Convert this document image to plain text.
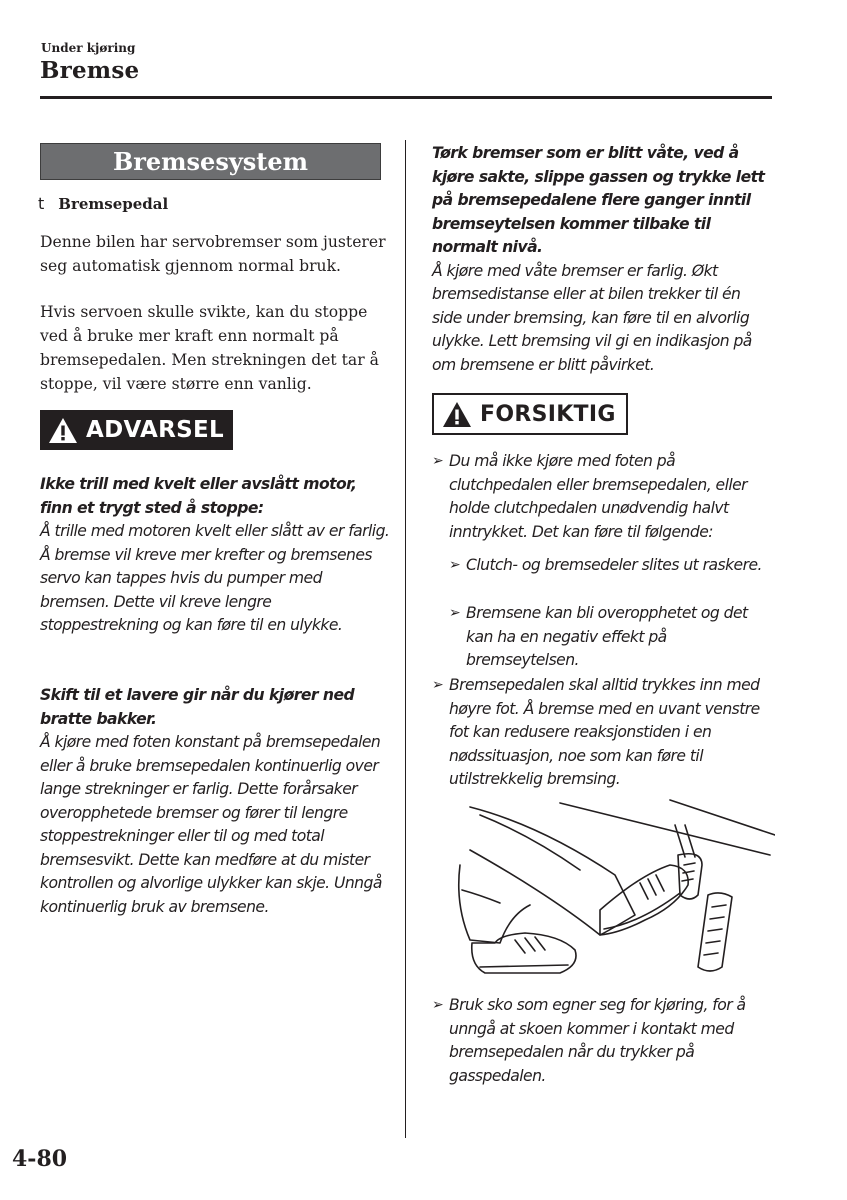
Under kjøring
Bremse
Bremsesystem
t Bremsepedal

Denne bilen har servobremser som justerer seg automatisk gjennom normal bruk.

Hvis servoen skulle svikte, kan du stoppe ved å bruke mer kraft enn normalt på bremsepedalen. Men strekningen det tar å stoppe, vil være større enn vanlig.

ADVARSEL

Ikke trill med kvelt eller avslått motor, finn et trygt sted å stoppe:
Å trille med motoren kvelt eller slått av er farlig. Å bremse vil kreve mer krefter og bremsenes servo kan tappes hvis du pumper med bremsen. Dette vil kreve lengre stoppestrekning og kan føre til en ulykke.

Skift til et lavere gir når du kjører ned bratte bakker.
Å kjøre med foten konstant på bremsepedalen eller å bruke bremsepedalen kontinuerlig over lange strekninger er farlig. Dette forårsaker overopphetede bremser og fører til lengre stoppestrekninger eller til og med total bremsesvikt. Dette kan medføre at du mister kontrollen og alvorlige ulykker kan skje. Unngå kontinuerlig bruk av bremsene.

Tørk bremser som er blitt våte, ved å kjøre sakte, slippe gassen og trykke lett på bremsepedalene flere ganger inntil bremseytelsen kommer tilbake til normalt nivå.
Å kjøre med våte bremser er farlig. Økt bremsedistanse eller at bilen trekker til én side under bremsing, kan føre til en alvorlig ulykke. Lett bremsing vil gi en indikasjon på om bremsene er blitt påvirket.

FORSIKTIG
➢ Du må ikke kjøre med foten på clutchpedalen eller bremsepedalen, eller holde clutchpedalen unødvendig halvt inntrykket. Det kan føre til følgende:
➢ Clutch- og bremsedeler slites ut raskere.
➢ Bremsene kan bli overopphetet og det kan ha en negativ effekt på bremseytelsen.
➢ Bremsepedalen skal alltid trykkes inn med høyre fot. Å bremse med en uvant venstre fot kan redusere reaksjonstiden i en nødssituasjon, noe som kan føre til utilstrekkelig bremsing.
➢ Bruk sko som egner seg for kjøring, for å unngå at skoen kommer i kontakt med bremsepedalen når du trykker på gasspedalen.
4-80
